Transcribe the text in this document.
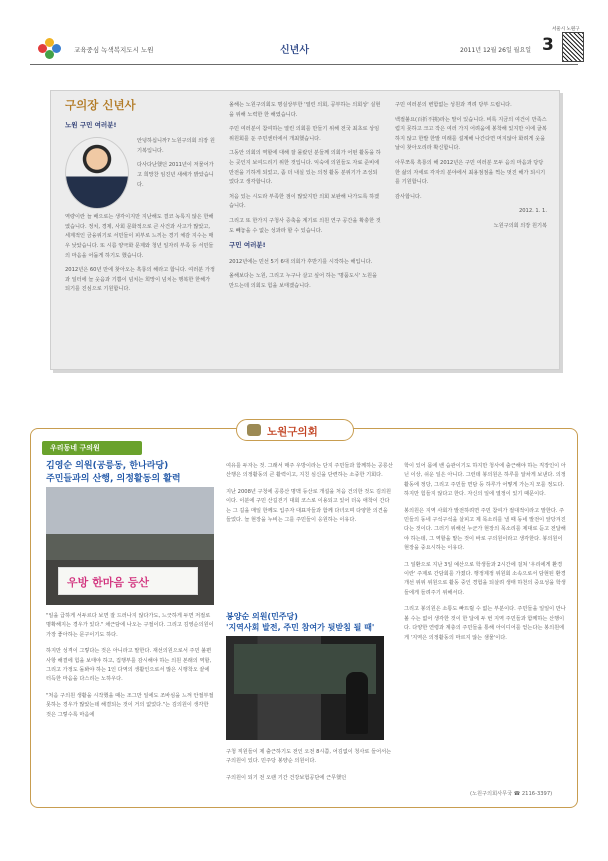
교육중심 녹색복지도시 노원	신년사	2011년 12월 26일 월요일 3
서울시 노원구
구의장 신년사
노원 구민 여러분!

안녕하십니까? 노원구의회 의장 원기복입니다.

다사다난했던 2011년이 저물어가고 희망찬 임진년 새해가 밝았습니다.

역량이란 늘 배으로는 생각이지만 지난해도 결코 녹록지 않은 한해였습니다. 정치, 경제, 사회 문화적으로 큰 사건과 사고가 많았고, 세계적인 금융위기로 서민들이 피부로 느끼는 경기 체감 지수는 매우 낮았습니다. 또 시름 양극화 문제와 청년 일자리 부족 등 서민들의 마음을 어둡게 하기도 했습니다.

2012년은 60년 만에 찾아오는 흑룡의 해라고 합니다. 여러분 가정과 일터에 늘 웃음과 기쁨이 넘치는 희망이 넘치는 행복한 한해가 되기를 진심으로 기원합니다.

올해는 노원구의회도 명실상부한 '열린 의회, 공부하는 의회상' 실현을 위해 노력한 한 해였습니다.

주민 여러분이 참여하는 열린 의회를 만들기 위해 전국 최초로 상임위원회를 둔 주민센터에서 개최했습니다.

그동안 의회의 역할에 대해 잘 몰랐던 분들께 의회가 어떤 활동을 하는 곳인지 보여드리기 위한 것입니다. 익숙에 의원들도 자료 준비에 만전을 기하게 되었고, 좀 더 내실 있는 의정 활동 분위기가 조성되었다고 생각합니다.

처음 있는 시도라 부족한 점이 많았지만 의회 보완해 나가도록 하겠습니다.

그리고 또 한가지 구청사 증축을 계기로 의원 연구 공간을 확충한 것도 빼놓을 수 없는 성과라 할 수 있습니다.

구민 여러분!

2012년에는 민선 5기 6대 의회가 후반기를 시작하는 해입니다.

올해보다는 노원, 그리고 누구나 살고 싶어 하는 '명품도시' 노원을 만드는데 의회도 힘을 보태겠습니다.

구민 여러분의 변함없는 성원과 격려 당부 드립니다.

백절불요(百折不撓)라는 말이 있습니다. 비록 지금의 여건이 만족스럽지 못하고 크고 작은 여러 가지 어려움에 봉착해 있지만 이에 굴복하지 않고 한발 한발 미래를 설계해 나간다면 머지않아 화려게 웃을 날이 찾아오리라 확신합니다.

아무쪼록 흑룡의 해 2012년은 구민 여러분 모두 음의 마음과 당당한 삶의 자세로 각자의 분야에서 최용점점을 찍는 멋진 해가 되시기를 기원합니다.

감사합니다.

2012. 1. 1.

노원구의회 의장 원기복

노원구의회
우리동네 구의원
김영순 의원(공릉동, 한나라당)
주민들과의 산행, 의정활동의 활력
우방 한마음 등산

"일을 급하게 서두르다 보면 잘 드러나지 않다가도, 느긋하게 두면 저절로 명확해지는 경우가 있다." 채근담에 나오는 구절이다. 그리고 김영순의원이 가장 좋아하는 문구이기도 하다.

하지만 성격이 그렇다는 것은 아니라고 말한다. 재선의원으로서 주민 불편사항 해결에 힘을 보태야 하고, 집행부를 감시해야 하는 의원 본래의 역할, 그리고 가정도 돌봐야 하는 1인 다역의 생활인으로서 많은 시행착오 끝에 터득한 마음을 다스리는 노하우다.

"처음 구의원 생활을 시작했을 때는 조그만 일에도 조바심을 느껴 안절부절 못하는 경우가 많았는데 해결되는 것이 거의 없었다."는 김의원이 생각한 것은 그렇수록 마음에

여유를 두자는 것. 그래서 매주 우방이라는 단지 주민들과 함께하는 공릉산 산행은 의정활동의 큰 활력이고, 지친 심신을 단련하는 소중한 기회다.

지난 2008년 구청에 공릉산 명맥 등산로 개설을 처음 건의한 것도 김의원이다. 이분에 구민 산길걷기 대회 코스로 이용되고 있어 더욱 애착이 간다는 그 길을 매일 한께도 입주자 대표자들과 함께 다녀오며 다양한 의견을 들었다. 늘 현장을 누비는 그를 주민들이 응원하는 이유다.

봉양순 의원(민주당)
'지역사회 발전, 주민 참여가 뒷받침 될 때'

구청 직원들이 제 출근하기도 전인 오전 8시쯤, 어김없이 청사로 들어서는 구의원이 있다. 민주당 봉양순 의원이다.

구의원이 되기 전 오랜 기간 건강보험공단에 근무했던

학이 있어 몸에 밴 습관이기도 하지만 청사에 출근해야 하는 직장인이 아닌 이상, 쉬운 일은 아니다. 그런데 봉의원은 하루를 알차게 보낸다. 의정활동에 정당, 그리고 주민들 면담 등 하루가 어떻게 가는지 모를 정도다. 하지만 힘들지 않다고 한다. 자신의 일에 열정이 있기 때문이다.

봉의원은 지역 사회가 발전하려면 주민 참여가 절대적이라고 말한다. 주민들의 동네 구석구석을 살피고 제 목소리를 낼 때 동네 발전이 앞당겨진다는 것이다. 그러기 위해선 누군가 현장의 목소리를 제대로 듣고 전달해야 하는데, 그 역할을 맡는 것이 바로 구의원이라고 생각한다. 봉의원이 현장을 중요시하는 이유다.

그 일환으로 지난 3일 예산으로 학생들과 2시간에 걸쳐 '우리에게 환경이란' 주제로 간담회를 가졌다. 행정제정 위원회 소속으로서 담현된 환경개선 위위 위원으로 활동 중인 경험을 되살려 생태 하천의 중요성을 학생들에게 들려주기 위해서다.

그리고 봉의원은 소통도 빠뜨릴 수 없는 부분이다. 주민들을 일일이 만나 볼 수는 없어 생각한 것이 한 달에 두 번 지역 주민들과 함께하는 산행이다. 다양한 연령과 계층의 주민들을 통해 아이디어를 얻는다는 봉의원에게 '지역은 의정활동의 마르지 않는 샘물'이다.

(노원구의회사무국 ☎ 2116-3397)
